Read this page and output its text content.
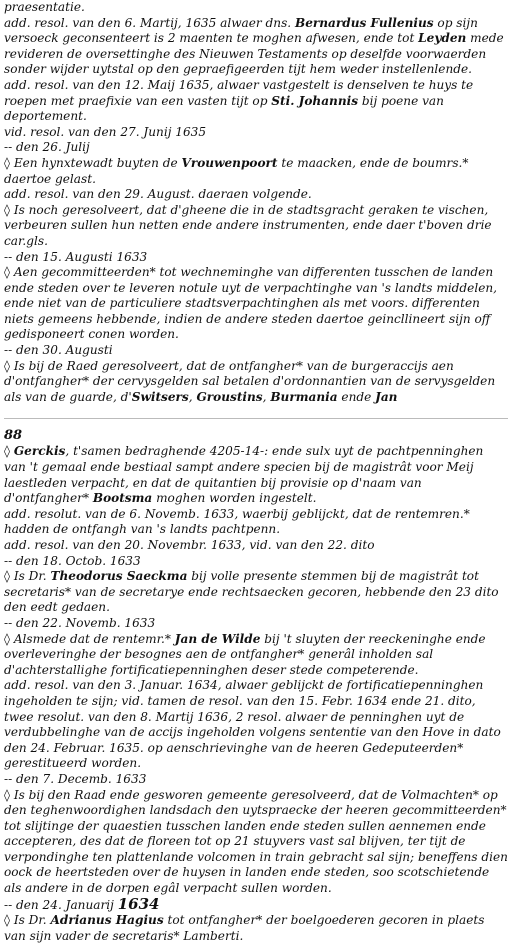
praesentatie.

add. resol. van den 6. Martij, 1635 alwaer dns. Bernardus Fullenius op sijn versoeck geconsenteert is 2 maenten te moghen afwesen, ende tot Leyden mede revideren de oversettinghe des Nieuwen Testaments op deselfde voorwaerden sonder wijder uytstal op den gepraefigeerden tijt hem weder instellenlende.

add. resol. van den 12. Maij 1635, alwaer vastgestelt is denselven te huys te roepen met praefixie van een vasten tijt op Sti. Johannis bij poene van deportement.

vid. resol. van den 27. Junij 1635

-- den 26. Julij

◊ Een hynxtewadt buyten de Vrouwenpoort te maacken, ende de boumrs.* daertoe gelast.

add. resol. van den 29. August. daeraen volgende.

◊ Is noch geresolveert, dat d'gheene die in de stadtsgracht geraken te vischen, verbeuren sullen hun netten ende andere instrumenten, ende daer t'boven drie car.gls.

-- den 15. Augusti 1633

◊ Aen gecommitteerden* tot wechneminghe van differenten tusschen de landen ende steden over te leveren notule uyt de verpachtinghe van 's landts middelen, ende niet van de particuliere stadtsverpachtinghen als met voors. differenten niets gemeens hebbende, indien de andere steden daertoe geincllineert sijn off gedisponeert conen worden.

-- den 30. Augusti

◊ Is bij de Raed geresolveert, dat de ontfangher* van de burgeraccijs aen d'ontfangher* der cervysgelden sal betalen d'ordonnantien van de servysgelden als van de guarde, d'Switsers, Groustins, Burmania ende Jan

88

◊ Gerckis, t'samen bedraghende 4205-14-: ende sulx uyt de pachtpenninghen van 't gemaal ende bestiaal sampt andere specien bij de magistrât voor Meij laestleden verpacht, en dat de quitantien bij provisie op d'naam van d'ontfangher* Bootsma moghen worden ingestelt.

add. resolut. van de 6. Novemb. 1633, waerbij geblijckt, dat de rentemren.* hadden de ontfangh van 's landts pachtpenn.

add. resol. van den 20. Novembr. 1633, vid. van den 22. dito

-- den 18. Octob. 1633

◊ Is Dr. Theodorus Saeckma bij volle presente stemmen bij de magistrât tot secretaris* van de secretarye ende rechtsaecken gecoren, hebbende den 23 dito den eedt gedaen.

-- den 22. Novemb. 1633

◊ Alsmede dat de rentemr.* Jan de Wilde bij 't sluyten der reeckeninghe ende overleveringhe der besognes aen de ontfangher* generâl inholden sal d'achterstallighe fortificatiepenninghen deser stede competerende.

add. resol. van den 3. Januar. 1634, alwaer geblijckt de fortificatiepenninghen ingeholden te sijn; vid. tamen de resol. van den 15. Febr. 1634 ende 21. dito, twee resolut. van den 8. Martij 1636, 2 resol. alwaer de penninghen uyt de verdubbelinghe van de accijs ingeholden volgens sententie van den Hove in dato den 24. Februar. 1635. op aenschrievinghe van de heeren Gedeputeerden* gerestitueerd worden.

-- den 7. Decemb. 1633

◊ Is bij den Raad ende gesworen gemeente geresolveerd, dat de Volmachten* op den teghenwoordighen landsdach den uytspraecke der heeren gecommitteerden* tot slijtinge der quaestien tusschen landen ende steden sullen aennemen ende accepteren, des dat de floreen tot op 21 stuyvers vast sal blijven, ter tijt de verpondinghe ten plattenlande volcomen in train gebracht sal sijn; beneffens dien oock de heertsteden over de huysen in landen ende steden, soo scotschietende als andere in de dorpen egâl verpacht sullen worden.

-- den 24. Januarij 1634

◊ Is Dr. Adrianus Hagius tot ontfangher* der boelgoederen gecoren in plaets van sijn vader de secretaris* Lamberti.
